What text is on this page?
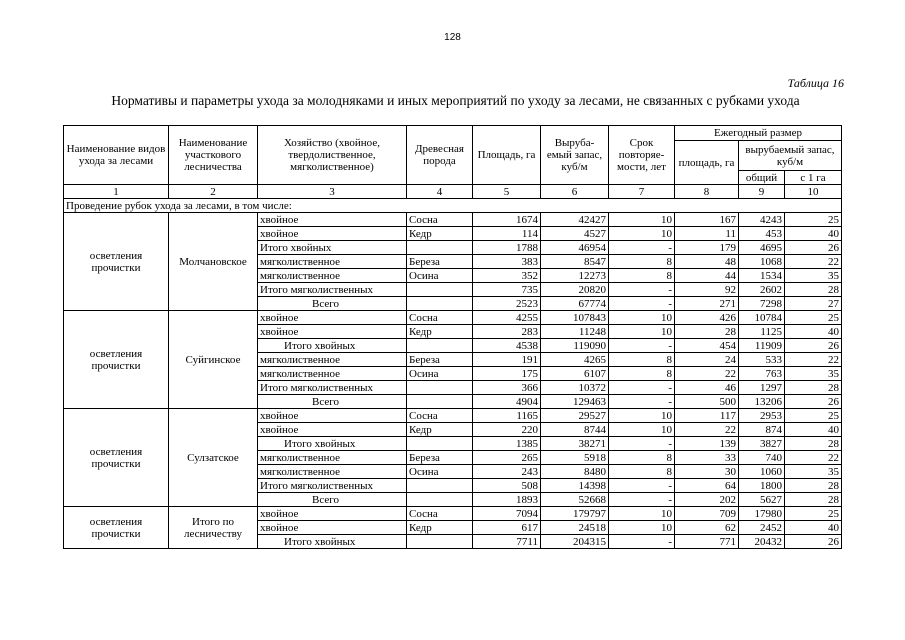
128
Таблица 16
Нормативы и параметры ухода за молодняками и иных мероприятий по уходу за лесами, не связанных с рубками ухода
Наименование видов ухода за лесами	Наименование участкового лесничества	Хозяйство (хвойное, твердолиственное, мягколиственное)	Древесная порода	Площадь, га	Выруба-емый запас, куб/м	Срок повторяе-мости, лет	Ежегодный размер		
							площадь, га	вырубаемый запас, куб/м	
								общий	с 1 га
1	2	3	4	5	6	7	8	9	10
Проведение рубок ухода за лесами, в том числе:									
осветления прочистки	Молчановское	хвойное	Сосна	1674	42427	10	167	4243	25
		хвойное	Кедр	114	4527	10	11	453	40
		Итого хвойных		1788	46954	-	179	4695	26
		мягколиственное	Береза	383	8547	8	48	1068	22
		мягколиственное	Осина	352	12273	8	44	1534	35
		Итого мягколиственных		735	20820	-	92	2602	28
		Всего		2523	67774	-	271	7298	27
осветления прочистки	Суйгинское	хвойное	Сосна	4255	107843	10	426	10784	25
		хвойное	Кедр	283	11248	10	28	1125	40
		Итого хвойных		4538	119090	-	454	11909	26
		мягколиственное	Береза	191	4265	8	24	533	22
		мягколиственное	Осина	175	6107	8	22	763	35
		Итого мягколиственных		366	10372	-	46	1297	28
		Всего		4904	129463	-	500	13206	26
осветления прочистки	Сулзатское	хвойное	Сосна	1165	29527	10	117	2953	25
		хвойное	Кедр	220	8744	10	22	874	40
		Итого хвойных		1385	38271	-	139	3827	28
		мягколиственное	Береза	265	5918	8	33	740	22
		мягколиственное	Осина	243	8480	8	30	1060	35
		Итого мягколиственных		508	14398	-	64	1800	28
		Всего		1893	52668	-	202	5627	28
осветления прочистки	Итого по лесничеству	хвойное	Сосна	7094	179797	10	709	17980	25
		хвойное	Кедр	617	24518	10	62	2452	40
		Итого хвойных		7711	204315	-	771	20432	26
